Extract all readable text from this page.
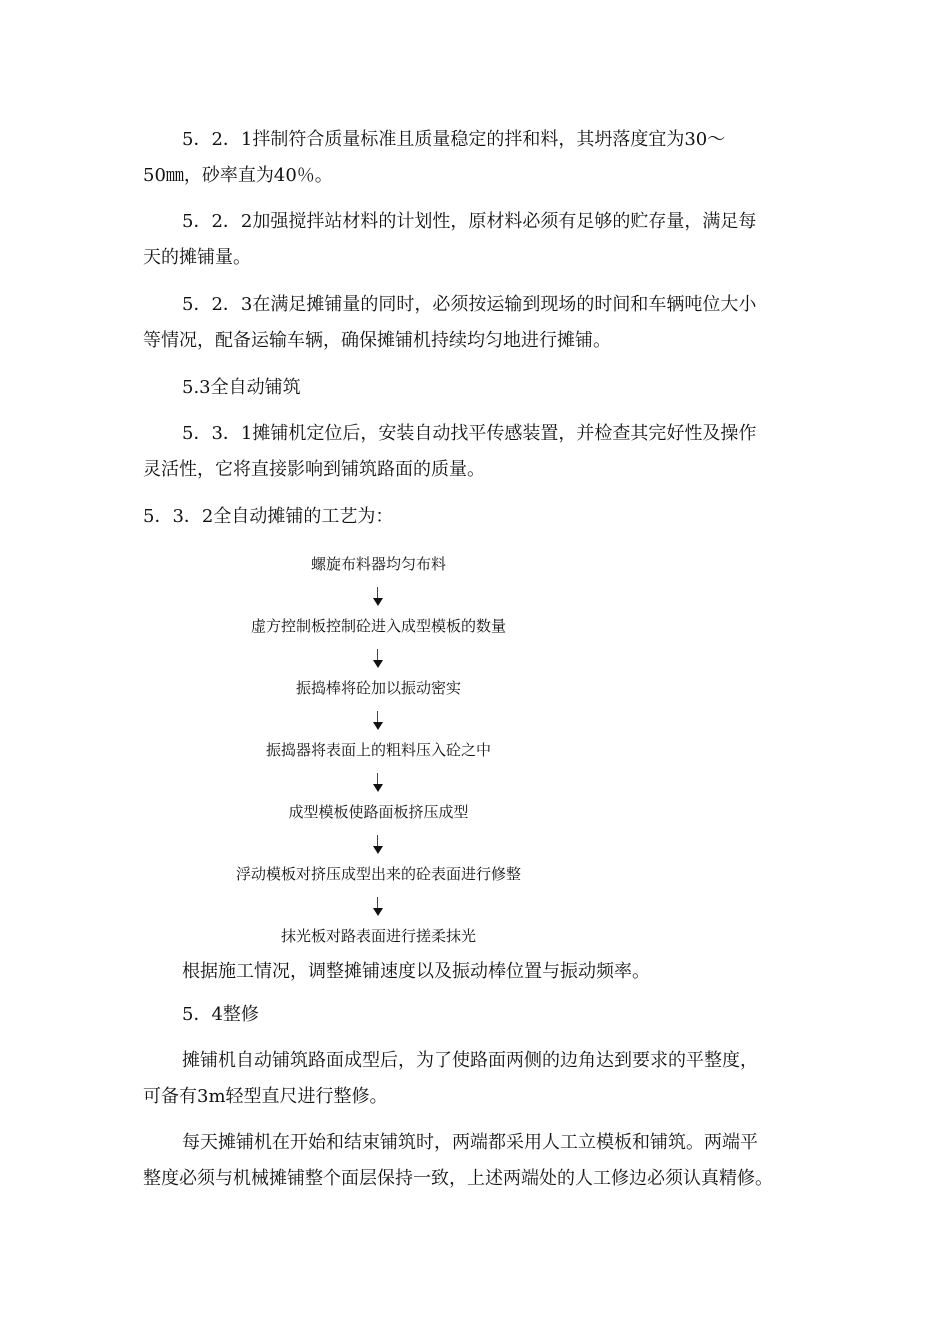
5．2．1拌制符合质量标准且质量稳定的拌和料，其坍落度宜为30～
50㎜，砂率直为40％。
5．2．2加强搅拌站材料的计划性，原材料必须有足够的贮存量，满足每
天的摊铺量。
5．2．3在满足摊铺量的同时，必须按运输到现场的时间和车辆吨位大小
等情况，配备运输车辆，确保摊铺机持续均匀地进行摊铺。
5.3全自动铺筑
5．3．1摊铺机定位后，安装自动找平传感装置，并检查其完好性及操作
灵活性，它将直接影响到铺筑路面的质量。
5．3．2全自动摊铺的工艺为：
螺旋布料器均匀布料
虚方控制板控制砼进入成型模板的数量
振捣棒将砼加以振动密实
振捣器将表面上的粗料压入砼之中
成型模板使路面板挤压成型
浮动模板对挤压成型出来的砼表面进行修整
抹光板对路表面进行搓柔抹光
根据施工情况，调整摊铺速度以及振动棒位置与振动频率。
5．4整修
摊铺机自动铺筑路面成型后，为了使路面两侧的边角达到要求的平整度，
可备有3m轻型直尺进行整修。
每天摊铺机在开始和结束铺筑时，两端都采用人工立模板和铺筑。两端平
整度必须与机械摊铺整个面层保持一致，上述两端处的人工修边必须认真精修。
